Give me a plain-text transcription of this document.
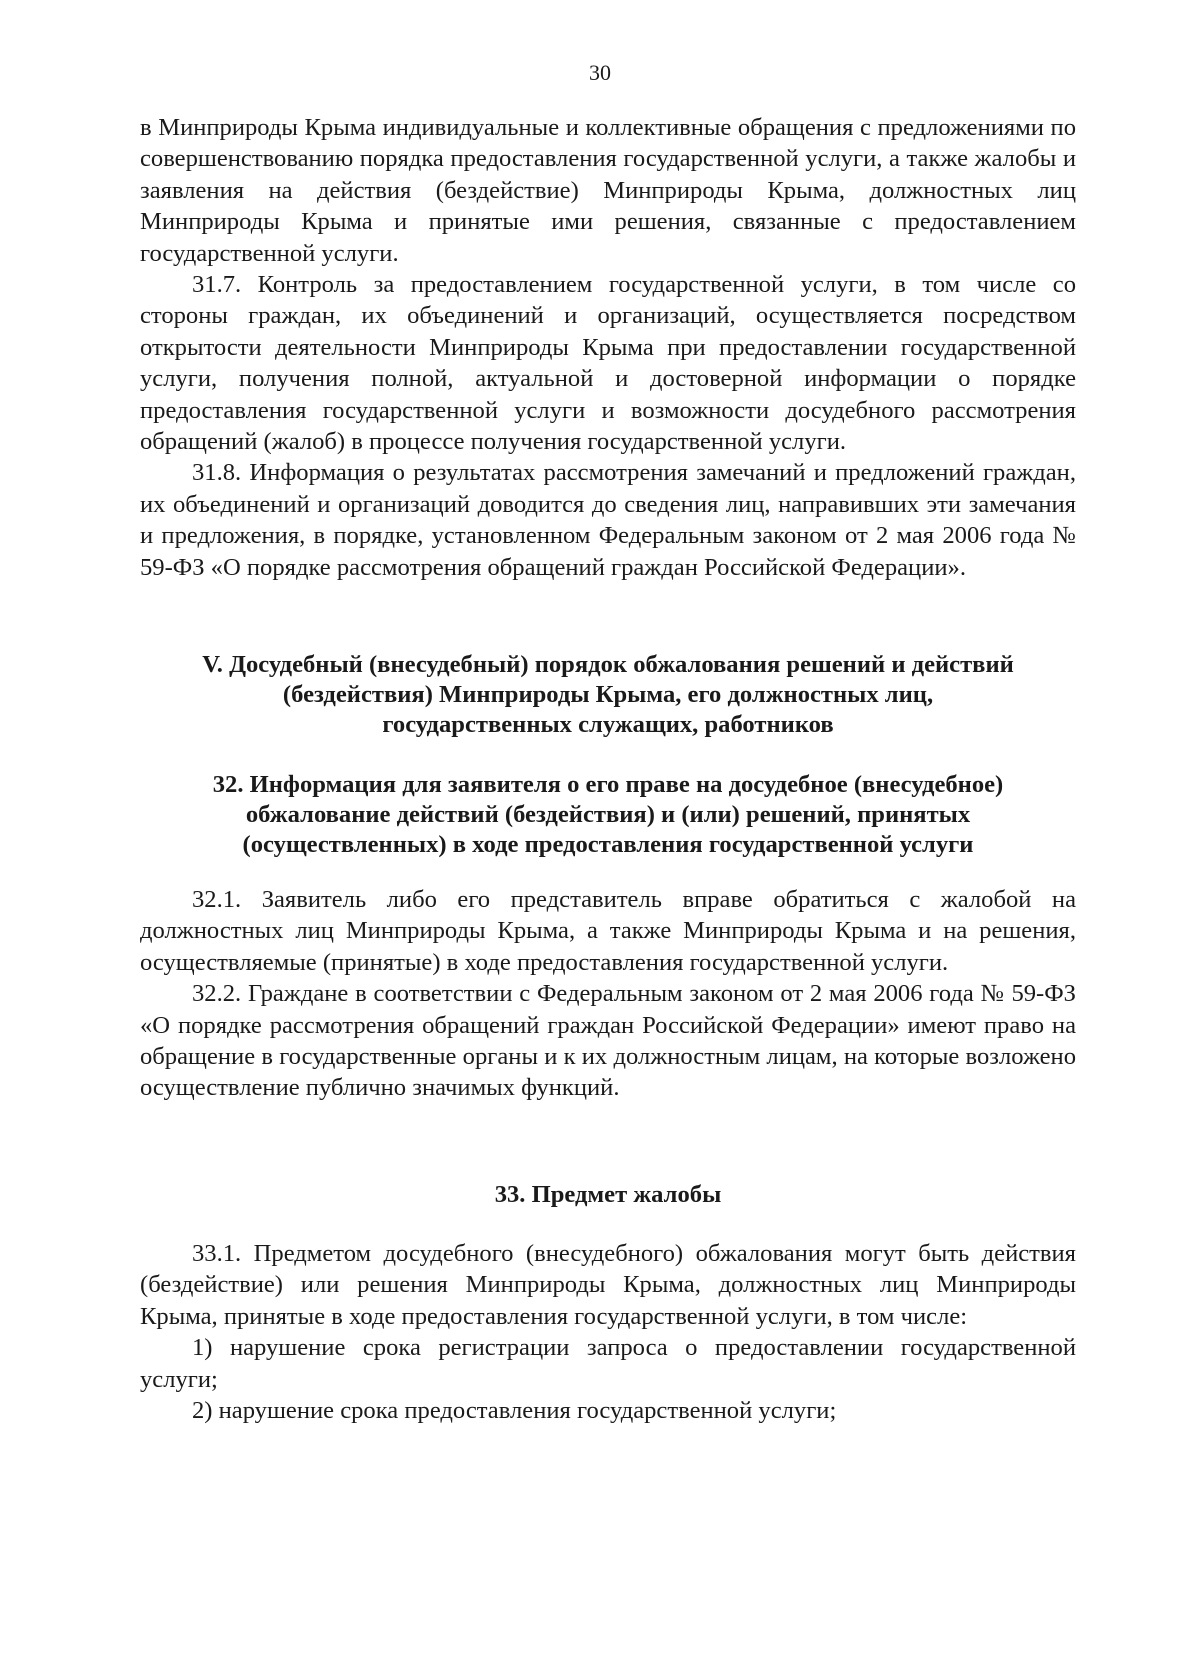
30

в Минприроды Крыма индивидуальные и коллективные обращения с предложениями по совершенствованию порядка предоставления государственной услуги, а также жалобы и заявления на действия (бездействие) Минприроды Крыма, должностных лиц Минприроды Крыма и принятые ими решения, связанные с предоставлением государственной услуги.

31.7. Контроль за предоставлением государственной услуги, в том числе со стороны граждан, их объединений и организаций, осуществляется посредством открытости деятельности Минприроды Крыма при предоставлении государственной услуги, получения полной, актуальной и достоверной информации о порядке предоставления государственной услуги и возможности досудебного рассмотрения обращений (жалоб) в процессе получения государственной услуги.

31.8. Информация о результатах рассмотрения замечаний и предложений граждан, их объединений и организаций доводится до сведения лиц, направивших эти замечания и предложения, в порядке, установленном Федеральным законом от 2 мая 2006 года № 59-ФЗ «О порядке рассмотрения обращений граждан Российской Федерации».

V. Досудебный (внесудебный) порядок обжалования решений и действий
(бездействия) Минприроды Крыма, его должностных лиц,
государственных служащих, работников
32. Информация для заявителя о его праве на досудебное (внесудебное)
обжалование действий (бездействия) и (или) решений, принятых
(осуществленных) в ходе предоставления государственной услуги

32.1. Заявитель либо его представитель вправе обратиться с жалобой на должностных лиц Минприроды Крыма, а также Минприроды Крыма и на решения, осуществляемые (принятые) в ходе предоставления государственной услуги.

32.2. Граждане в соответствии с Федеральным законом от 2 мая 2006 года № 59-ФЗ «О порядке рассмотрения обращений граждан Российской Федерации» имеют право на обращение в государственные органы и к их должностным лицам, на которые возложено осуществление публично значимых функций.

33. Предмет жалобы

33.1. Предметом досудебного (внесудебного) обжалования могут быть действия (бездействие) или решения Минприроды Крыма, должностных лиц Минприроды Крыма, принятые в ходе предоставления государственной услуги, в том числе:

1) нарушение срока регистрации запроса о предоставлении государственной услуги;

2) нарушение срока предоставления государственной услуги;
